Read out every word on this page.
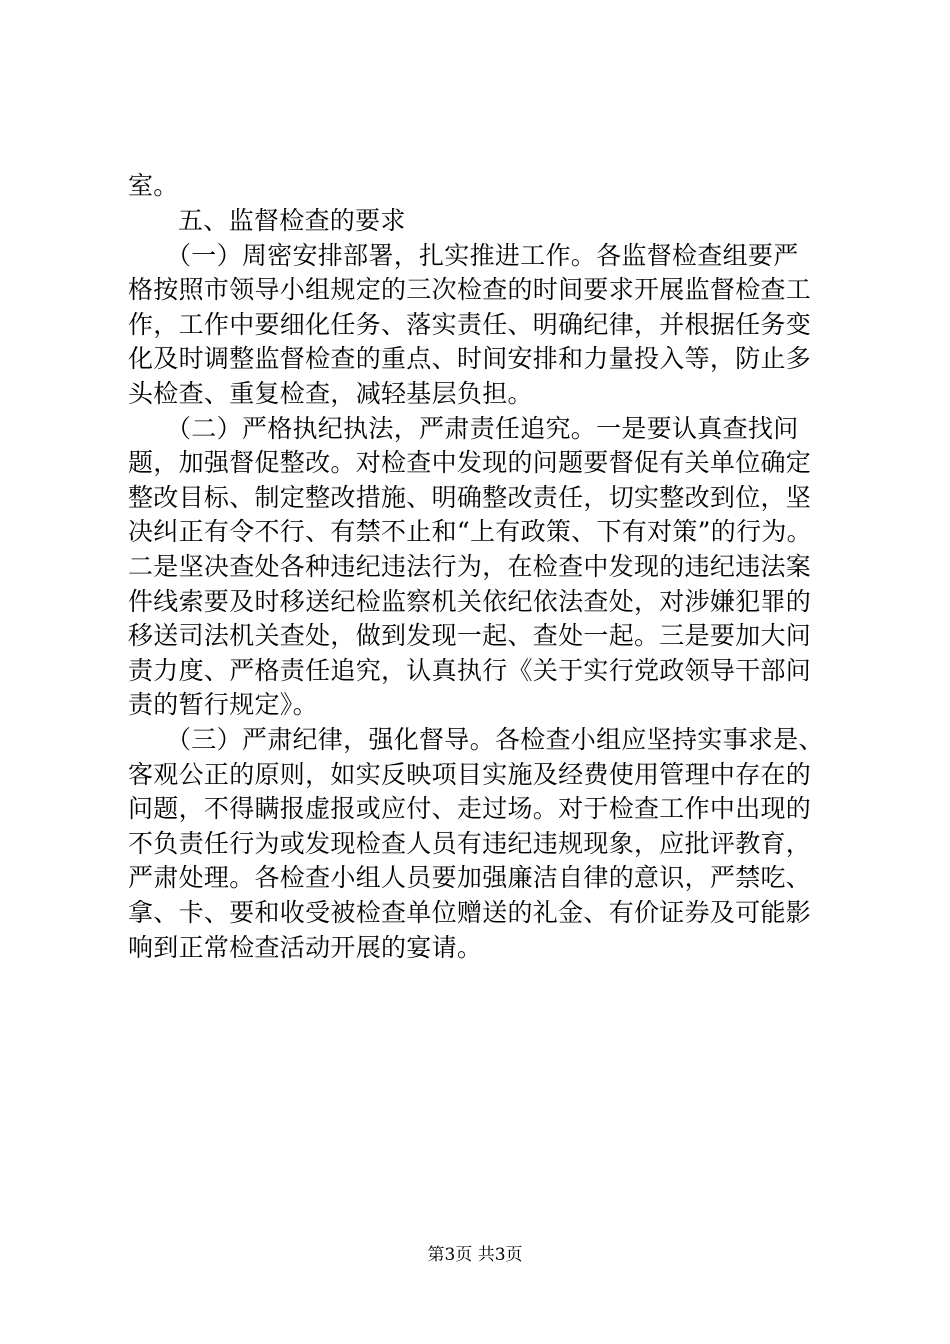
室。
五、监督检查的要求
（一）周密安排部署，扎实推进工作。各监督检查组要严
格按照市领导小组规定的三次检查的时间要求开展监督检查工
作，工作中要细化任务、落实责任、明确纪律，并根据任务变
化及时调整监督检查的重点、时间安排和力量投入等，防止多
头检查、重复检查，减轻基层负担。
（二）严格执纪执法，严肃责任追究。一是要认真查找问
题，加强督促整改。对检查中发现的问题要督促有关单位确定
整改目标、制定整改措施、明确整改责任，切实整改到位，坚
决纠正有令不行、有禁不止和“上有政策、下有对策”的行为。
二是坚决查处各种违纪违法行为，在检查中发现的违纪违法案
件线索要及时移送纪检监察机关依纪依法查处，对涉嫌犯罪的
移送司法机关查处，做到发现一起、查处一起。三是要加大问
责力度、严格责任追究，认真执行《关于实行党政领导干部问
责的暂行规定》。
（三）严肃纪律，强化督导。各检查小组应坚持实事求是、
客观公正的原则，如实反映项目实施及经费使用管理中存在的
问题，不得瞒报虚报或应付、走过场。对于检查工作中出现的
不负责任行为或发现检查人员有违纪违规现象，应批评教育，
严肃处理。各检查小组人员要加强廉洁自律的意识，严禁吃、
拿、卡、要和收受被检查单位赠送的礼金、有价证券及可能影
响到正常检查活动开展的宴请。
第3页 共3页
